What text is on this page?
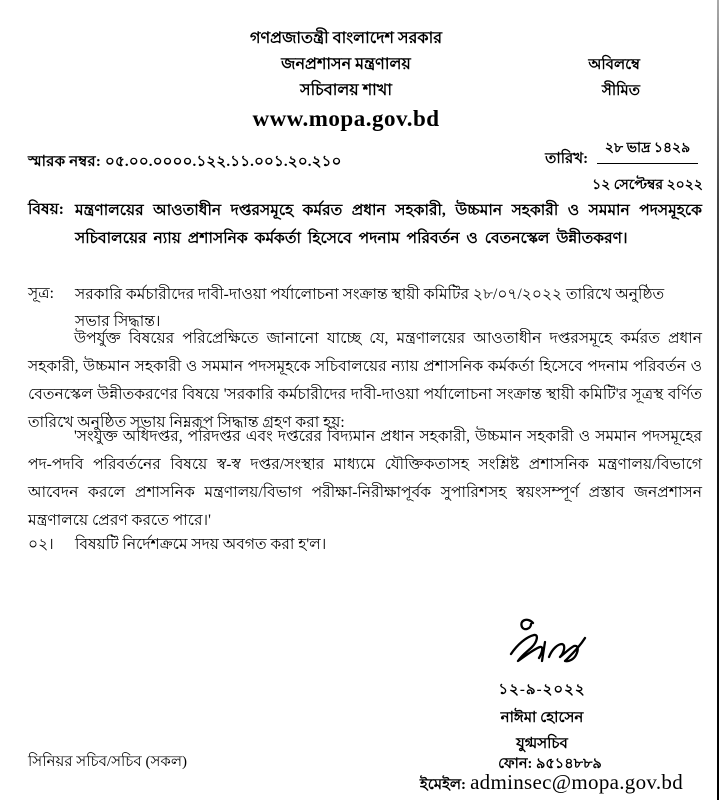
গণপ্রজাতন্ত্রী বাংলাদেশ সরকার
জনপ্রশাসন মন্ত্রণালয়
সচিবালয় শাখা
www.mopa.gov.bd
অবিলম্বে
সীমিত
স্মারক নম্বর: ০৫.০০.০০০০.১২২.১১.০০১.২০.২১০	তারিখ:
২৮ ভাদ্র ১৪২৯
১২ সেপ্টেম্বর ২০২২
বিষয়: মন্ত্রণালয়ের আওতাধীন দপ্তরসমূহে কর্মরত প্রধান সহকারী, উচ্চমান সহকারী ও সমমান পদসমূহকে সচিবালয়ের ন্যায় প্রশাসনিক কর্মকর্তা হিসেবে পদনাম পরিবর্তন ও বেতনস্কেল উন্নীতকরণ।
সূত্র:	সরকারি কর্মচারীদের দাবী-দাওয়া পর্যালোচনা সংক্রান্ত স্থায়ী কমিটির ২৮/০৭/২০২২ তারিখে অনুষ্ঠিত সভার সিদ্ধান্ত।
উপর্যুক্ত বিষয়ের পরিপ্রেক্ষিতে জানানো যাচ্ছে যে, মন্ত্রণালয়ের আওতাধীন দপ্তরসমূহে কর্মরত প্রধান সহকারী, উচ্চমান সহকারী ও সমমান পদসমূহকে সচিবালয়ের ন্যায় প্রশাসনিক কর্মকর্তা হিসেবে পদনাম পরিবর্তন ও বেতনস্কেল উন্নীতকরণের বিষয়ে 'সরকারি কর্মচারীদের দাবী-দাওয়া পর্যালোচনা সংক্রান্ত স্থায়ী কমিটি'র সূত্রস্থ বর্ণিত তারিখে অনুষ্ঠিত সভায় নিম্নরূপ সিদ্ধান্ত গ্রহণ করা হয়:
'সংযুক্ত অধিদপ্তর, পরিদপ্তর এবং দপ্তরের বিদ্যমান প্রধান সহকারী, উচ্চমান সহকারী ও সমমান পদসমূহের পদ-পদবি পরিবর্তনের বিষয়ে স্ব-স্ব দপ্তর/সংস্থার মাধ্যমে যৌক্তিকতাসহ সংশ্লিষ্ট প্রশাসনিক মন্ত্রণালয়/বিভাগে আবেদন করলে প্রশাসনিক মন্ত্রণালয়/বিভাগ পরীক্ষা-নিরীক্ষাপূর্বক সুপারিশসহ স্বয়ংসম্পূর্ণ প্রস্তাব জনপ্রশাসন মন্ত্রণালয়ে প্রেরণ করতে পারে।'
০২।	বিষয়টি নির্দেশক্রমে সদয় অবগত করা হ'ল।
১২-৯-২০২২
নাঈমা হোসেন
যুগ্মসচিব
ফোন: ৯৫১৪৮৮৯
সিনিয়র সচিব/সচিব (সকল)
ইমেইল: adminsec@mopa.gov.bd
